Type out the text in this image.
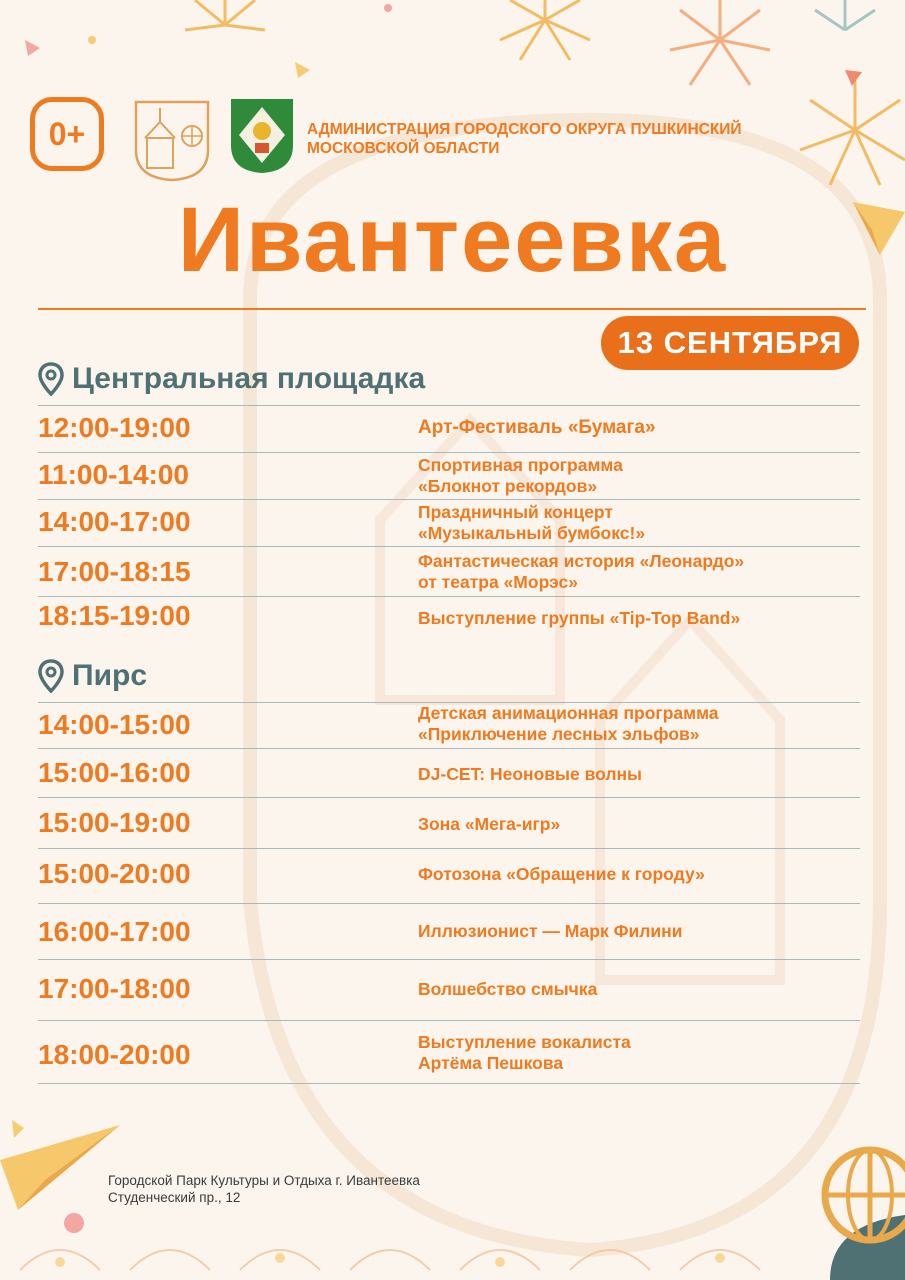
0+	АДМИНИСТРАЦИЯ ГОРОДСКОГО ОКРУГА ПУШКИНСКИЙ
МОСКОВСКОЙ ОБЛАСТИ
Ивантеевка
13 СЕНТЯБРЯ
Центральная площадка
12:00-19:00	Арт-Фестиваль «Бумага»
11:00-14:00	Спортивная программа
«Блокнот рекордов»
14:00-17:00	Праздничный концерт
«Музыкальный бумбокс!»
17:00-18:15	Фантастическая история «Леонардо»
от театра «Морэс»
18:15-19:00	Выступление группы «Tip-Top Band»
Пирс
14:00-15:00	Детская анимационная программа
«Приключение лесных эльфов»
15:00-16:00	DJ-CET: Неоновые волны
15:00-19:00	Зона «Мега-игр»
15:00-20:00	Фотозона «Обращение к городу»
16:00-17:00	Иллюзионист — Марк Филини
17:00-18:00	Волшебство смычка
18:00-20:00	Выступление вокалиста
Артёма Пешкова
Городской Парк Культуры и Отдыха г. Ивантеевка
Студенческий пр., 12
